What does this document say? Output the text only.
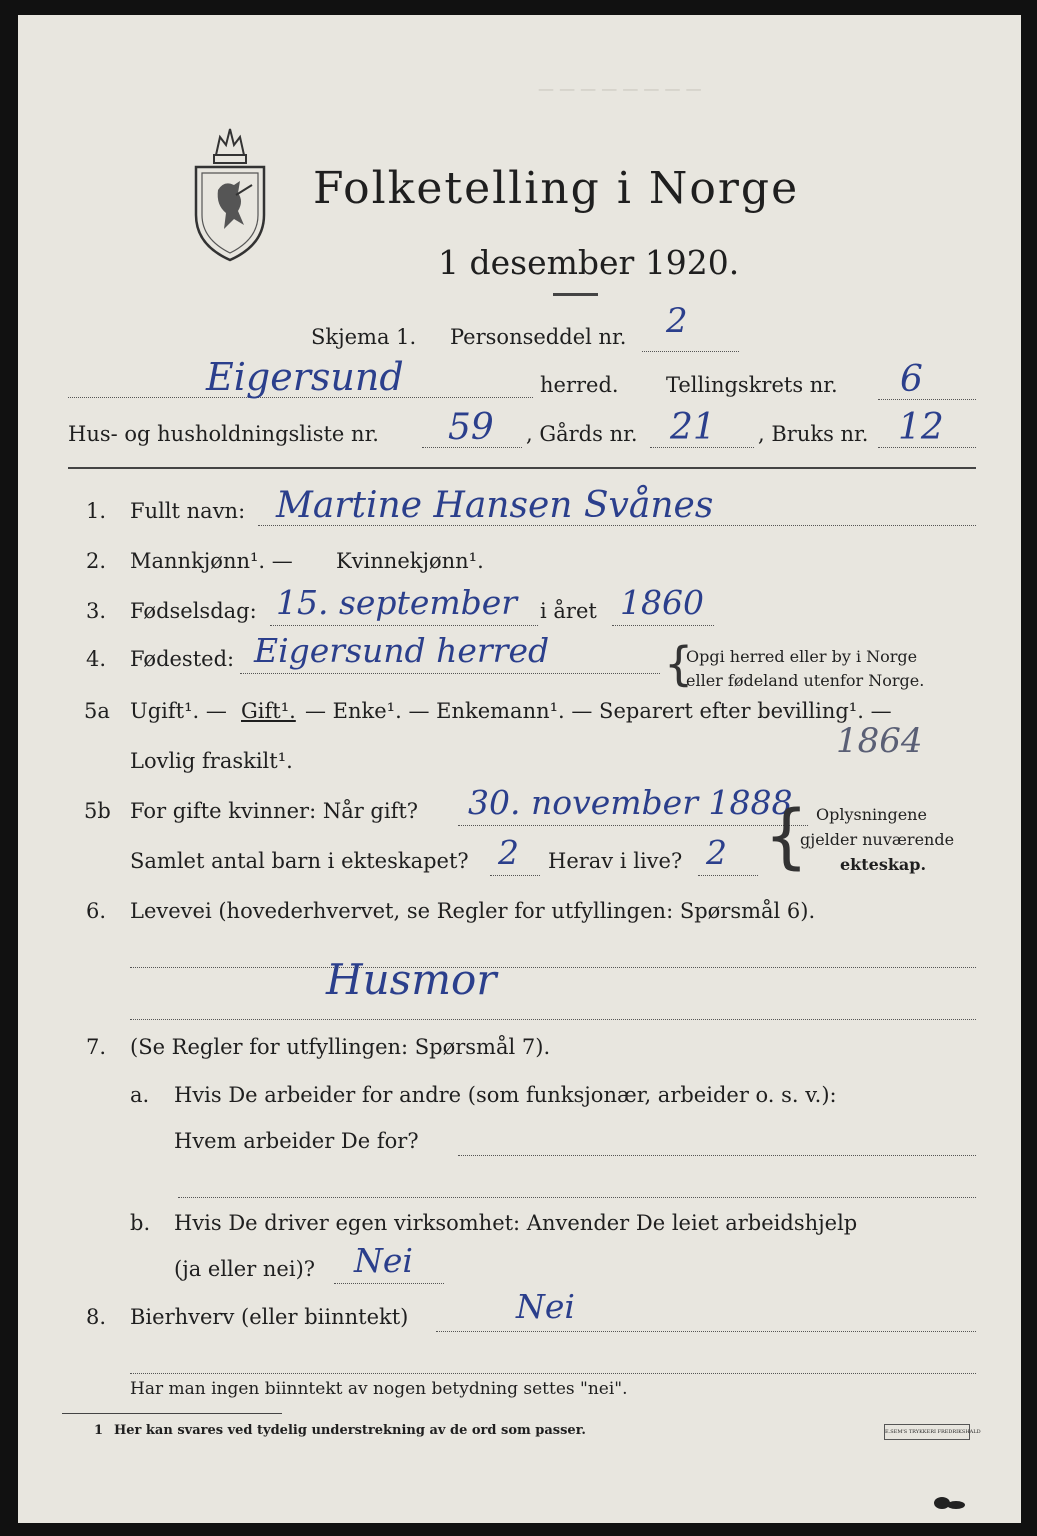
— — — — — — — —
Folketelling i Norge
1 desember 1920.
Skjema 1. Personseddel nr. 2
Eigersund	herred. Tellingskrets nr. 6
Hus- og husholdningsliste nr. 59 , Gårds nr. 21 , Bruks nr. 12
1. Fullt navn: Martine Hansen Svånes
2. Mannkjønn¹. — Kvinnekjønn¹.
3. Fødselsdag: 15. september i året 1860
4. Fødested: Eigersund herred {
Opgi herred eller by i Norge
eller fødeland utenfor Norge.
5a Ugift¹. — Gift¹. — Enke¹. — Enkemann¹. — Separert efter bevilling¹. —
Lovlig fraskilt¹.	1864
5b For gifte kvinner: Når gift? 30. november 1888
Samlet antal barn i ekteskapet? 2 Herav i live? 2 { Oplysningene
gjelder nuværende
ekteskap.
6. Levevei (hovederhvervet, se Regler for utfyllingen: Spørsmål 6).
Husmor
7. (Se Regler for utfyllingen: Spørsmål 7).
a. Hvis De arbeider for andre (som funksjonær, arbeider o. s. v.):
Hvem arbeider De for?
b. Hvis De driver egen virksomhet: Anvender De leiet arbeidshjelp
(ja eller nei)? Nei
8. Bierhverv (eller biinntekt)	Nei
Har man ingen biinntekt av nogen betydning settes "nei".
1 Her kan svares ved tydelig understrekning av de ord som passer.	E.SEM'S TRYKKERI FREDRIKSHALD
